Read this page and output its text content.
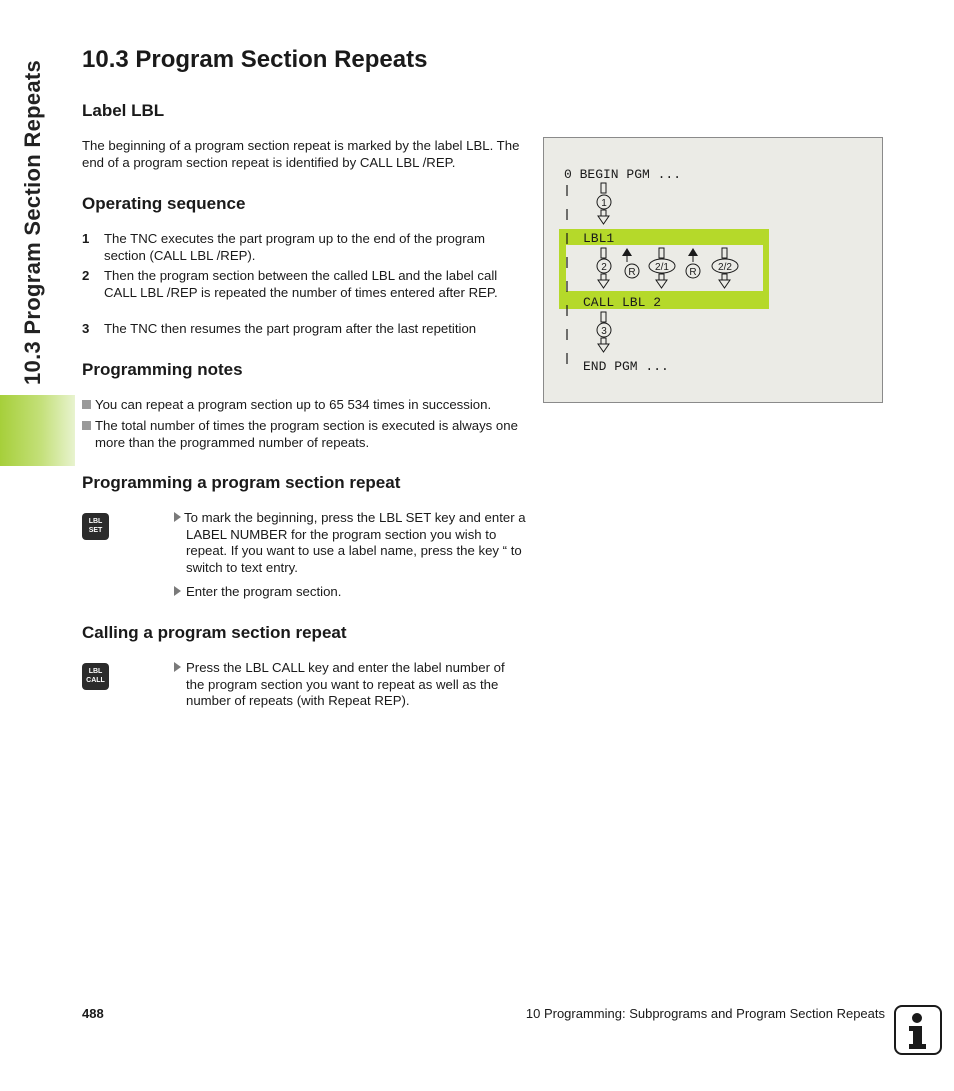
10.3 Program Section Repeats
10.3 Program Section Repeats
Label LBL

The beginning of a program section repeat is marked by the label LBL. The end of a program section repeat is identified by CALL LBL /REP.

Operating sequence
1 The TNC executes the part program up to the end of the program section (CALL LBL /REP).
2 Then the program section between the called LBL and the label call CALL LBL /REP is repeated the number of times entered after REP.
3 The TNC then resumes the part program after the last repetition
Programming notes
You can repeat a program section up to 65 534 times in succession.
The total number of times the program section is executed is always one more than the programmed number of repeats.
Programming a program section repeat
LBL
SET
To mark the beginning, press the LBL SET key and enter a LABEL NUMBER for the program section you wish to repeat. If you want to use a label name, press the key “ to switch to text entry.
Enter the program section.
Calling a program section repeat
LBL
CALL
Press the LBL CALL key and enter the label number of the program section you want to repeat as well as the number of repeats (with Repeat REP).
0 BEGIN PGM ...
LBL1
CALL LBL 2
END PGM ...
1
2 R 2/1 R 2/2
3
488	10 Programming: Subprograms and Program Section Repeats
